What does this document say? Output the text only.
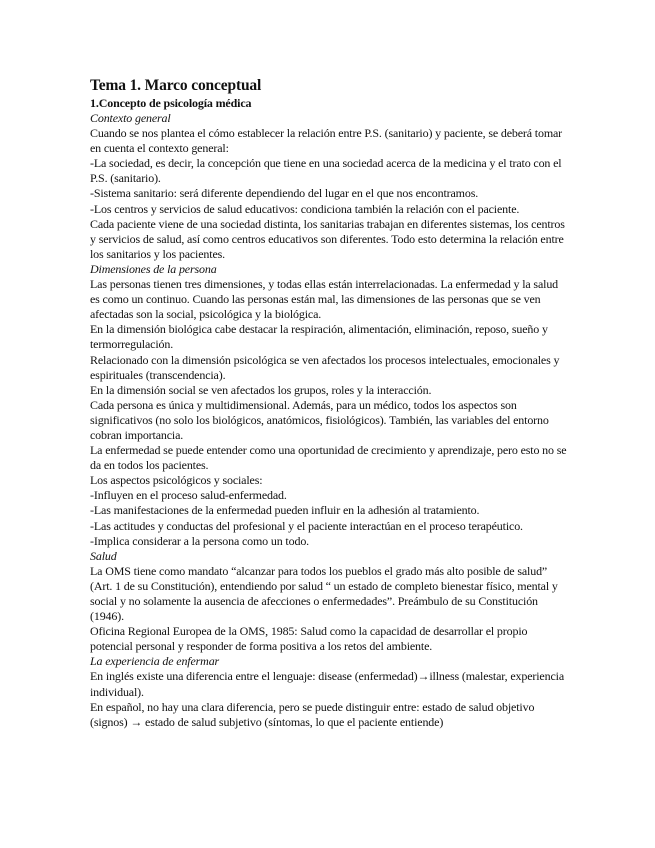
Tema 1. Marco conceptual
1.Concepto de psicología médica

Contexto general

Cuando se nos plantea el cómo establecer la relación entre P.S. (sanitario) y paciente, se deberá tomar en cuenta el contexto general:

-La sociedad, es decir, la concepción que tiene en una sociedad acerca de la medicina y el trato con el P.S. (sanitario).

-Sistema sanitario: será diferente dependiendo del lugar en el que nos encontramos.

-Los centros y servicios de salud educativos: condiciona también la relación con el paciente.

Cada paciente viene de una sociedad distinta, los sanitarias trabajan en diferentes sistemas, los centros y servicios de salud, así como centros educativos son diferentes. Todo esto determina la relación entre los sanitarios y los pacientes.

Dimensiones de la persona

Las personas tienen tres dimensiones, y todas ellas están interrelacionadas. La enfermedad y la salud es como un continuo. Cuando las personas están mal, las dimensiones de las personas que se ven afectadas son la social, psicológica y la biológica.

En la dimensión biológica cabe destacar la respiración, alimentación, eliminación, reposo, sueño y termorregulación.

Relacionado con la dimensión psicológica se ven afectados los procesos intelectuales, emocionales y espirituales (transcendencia).

En la dimensión social se ven afectados los grupos, roles y la interacción.

Cada persona es única y multidimensional. Además, para un médico, todos los aspectos son significativos (no solo los biológicos, anatómicos, fisiológicos). También, las variables del entorno cobran importancia.

La enfermedad se puede entender como una oportunidad de crecimiento y aprendizaje, pero esto no se da en todos los pacientes.

Los aspectos psicológicos y sociales:

-Influyen en el proceso salud-enfermedad.

-Las manifestaciones de la enfermedad pueden influir en la adhesión al tratamiento.

-Las actitudes y conductas del profesional y el paciente interactúan en el proceso terapéutico.

-Implica considerar a la persona como un todo.

Salud

La OMS tiene como mandato “alcanzar para todos los pueblos el grado más alto posible de salud” (Art. 1 de su Constitución), entendiendo por salud “ un estado de completo bienestar físico, mental y social y no solamente la ausencia de afecciones o enfermedades”. Preámbulo de su Constitución (1946).

Oficina Regional Europea de la OMS, 1985: Salud como la capacidad de desarrollar el propio potencial personal y responder de forma positiva a los retos del ambiente.

La experiencia de enfermar

En inglés existe una diferencia entre el lenguaje: disease (enfermedad)→illness (malestar, experiencia individual).

En español, no hay una clara diferencia, pero se puede distinguir entre: estado de salud objetivo (signos) → estado de salud subjetivo (síntomas, lo que el paciente entiende)
